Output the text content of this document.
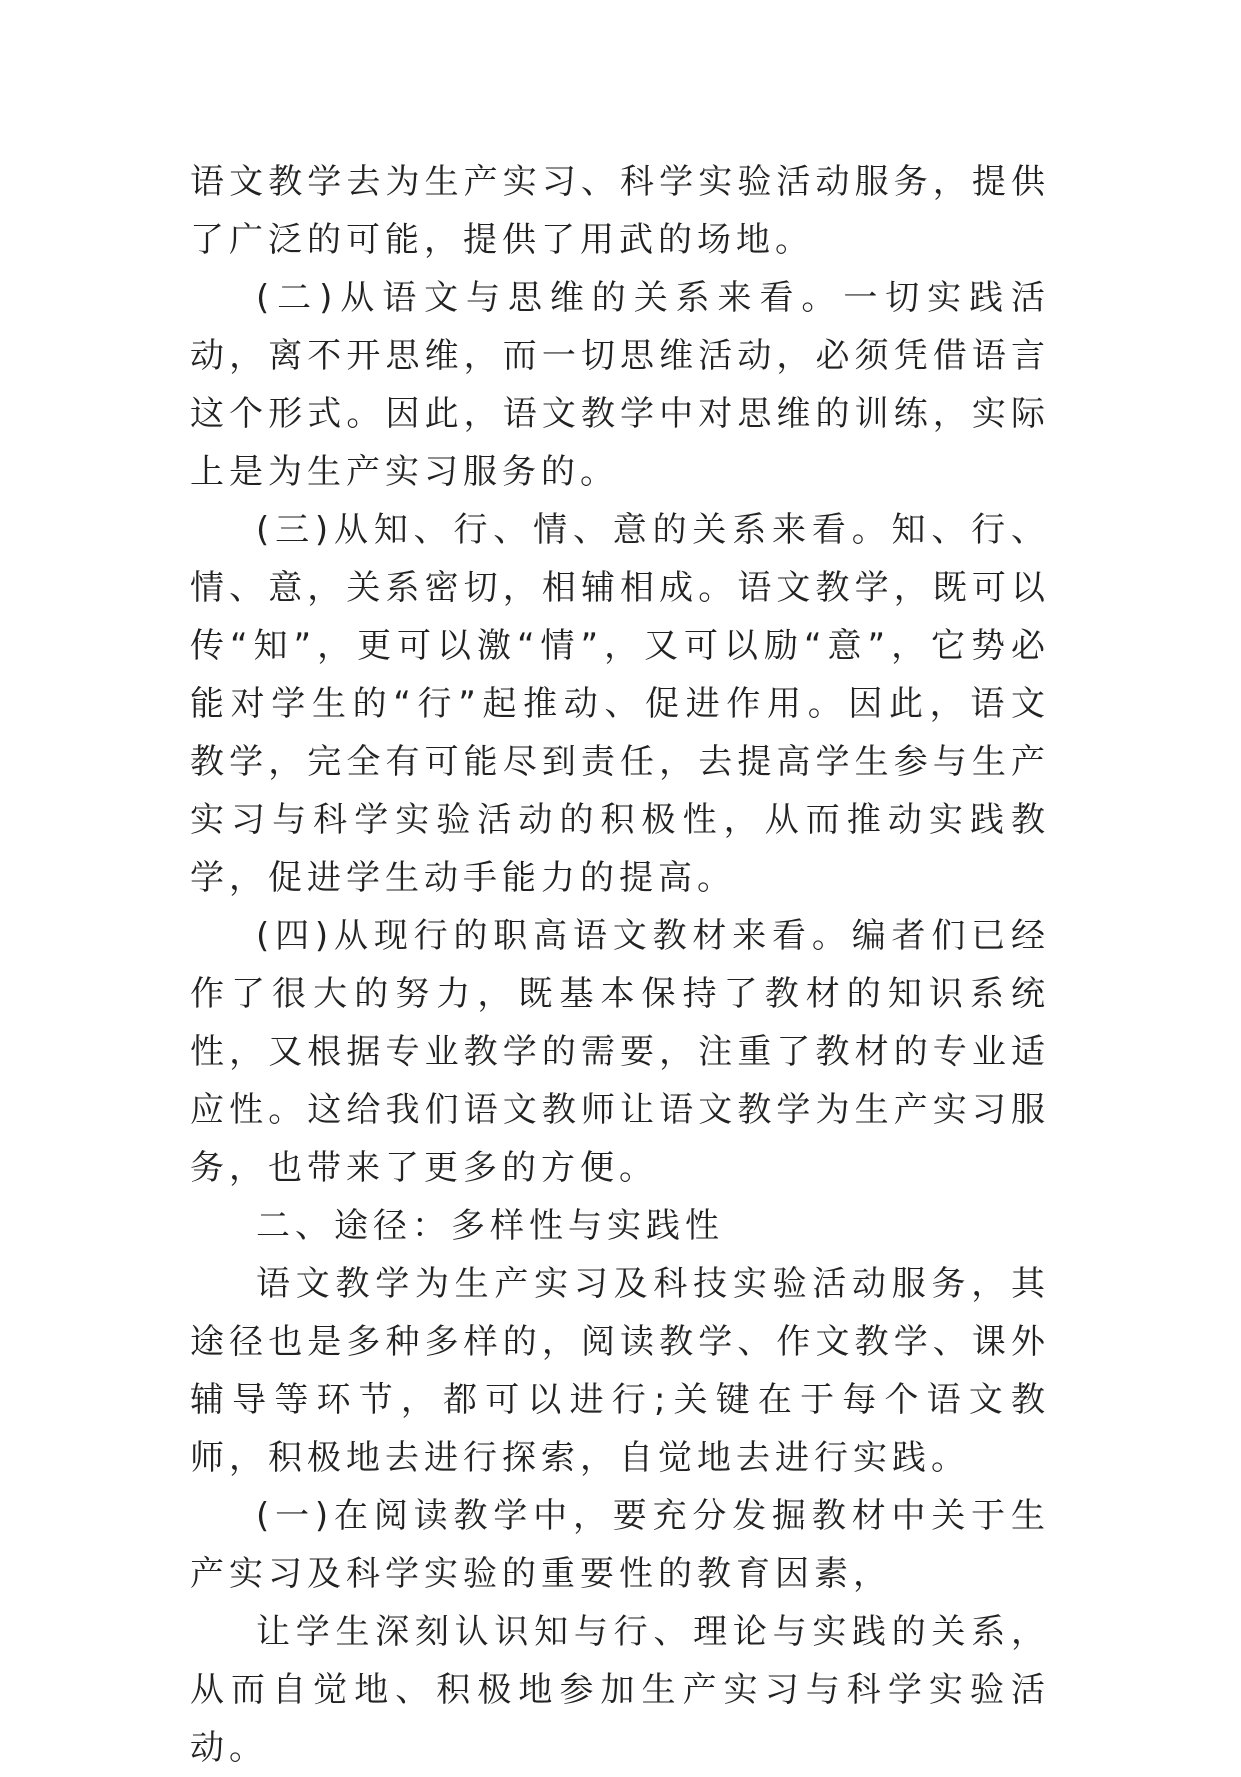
语文教学去为生产实习、科学实验活动服务，提供了广泛的可能，提供了用武的场地。

(二)从语文与思维的关系来看。一切实践活动，离不开思维，而一切思维活动，必须凭借语言这个形式。因此，语文教学中对思维的训练，实际上是为生产实习服务的。

(三)从知、行、情、意的关系来看。知、行、情、意，关系密切，相辅相成。语文教学，既可以传“知”，更可以激“情”，又可以励“意”，它势必能对学生的“行”起推动、促进作用。因此，语文教学，完全有可能尽到责任，去提高学生参与生产实习与科学实验活动的积极性，从而推动实践教学，促进学生动手能力的提高。

(四)从现行的职高语文教材来看。编者们已经作了很大的努力，既基本保持了教材的知识系统性，又根据专业教学的需要，注重了教材的专业适应性。这给我们语文教师让语文教学为生产实习服务，也带来了更多的方便。

二、途径：多样性与实践性

语文教学为生产实习及科技实验活动服务，其途径也是多种多样的，阅读教学、作文教学、课外辅导等环节，都可以进行;关键在于每个语文教师，积极地去进行探索，自觉地去进行实践。

(一)在阅读教学中，要充分发掘教材中关于生产实习及科学实验的重要性的教育因素，

让学生深刻认识知与行、理论与实践的关系，从而自觉地、积极地参加生产实习与科学实验活动。
